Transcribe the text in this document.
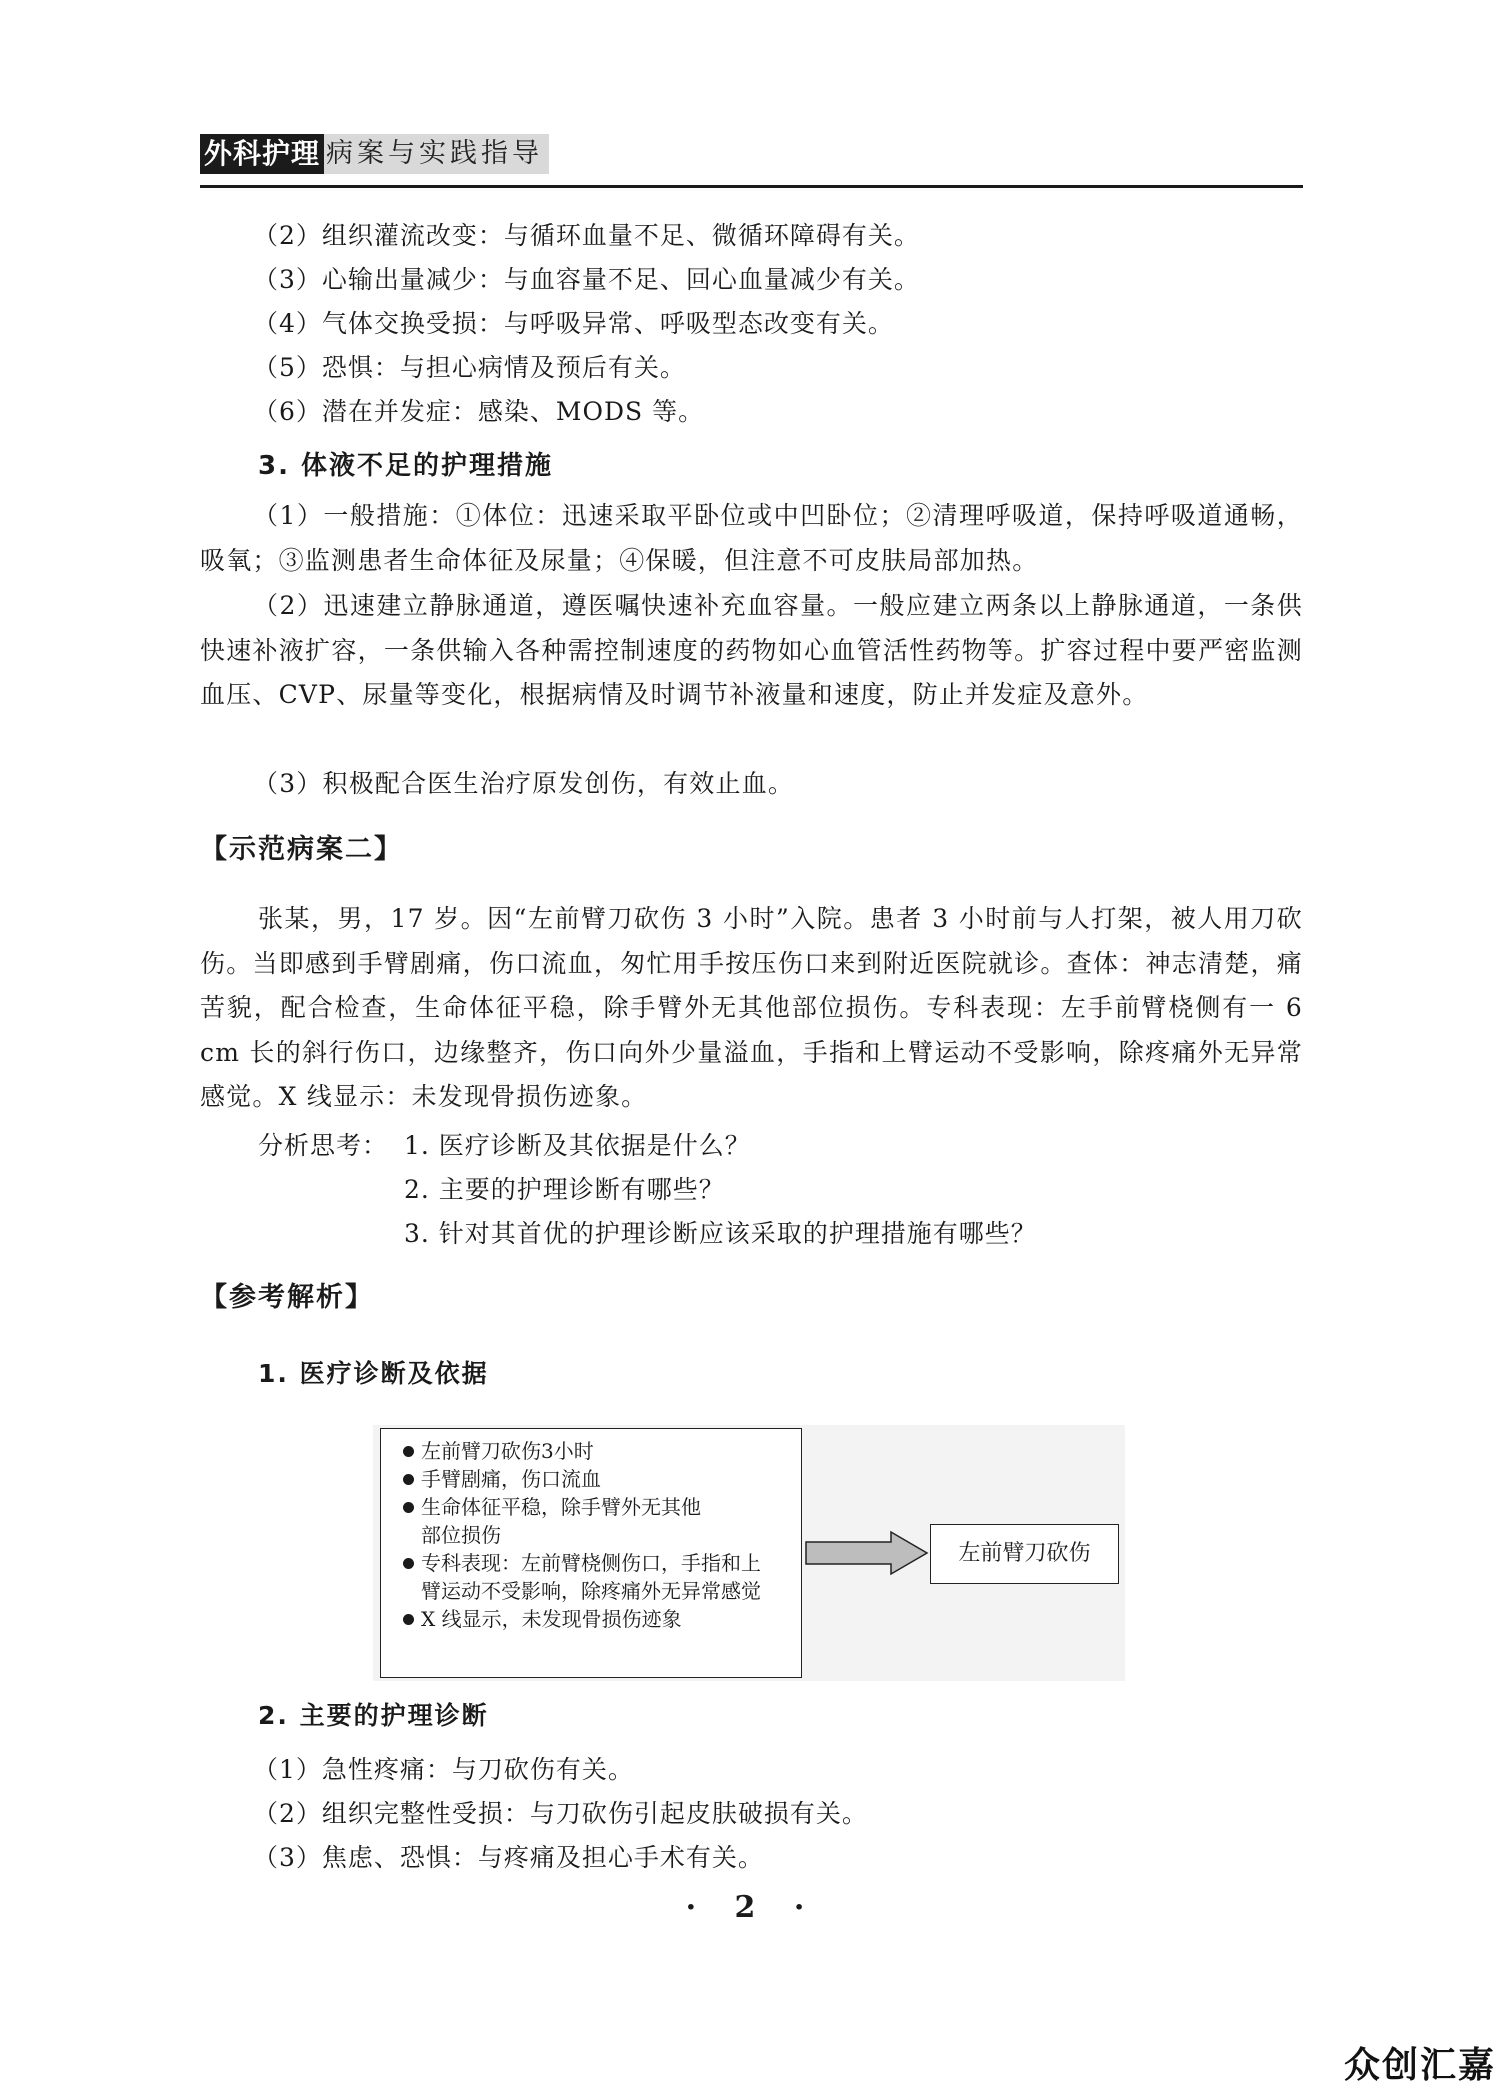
外科护理 病案与实践指导
（2）组织灌流改变：与循环血量不足、微循环障碍有关。
（3）心输出量减少：与血容量不足、回心血量减少有关。
（4）气体交换受损：与呼吸异常、呼吸型态改变有关。
（5）恐惧：与担心病情及预后有关。
（6）潜在并发症：感染、MODS 等。
3. 体液不足的护理措施
（1）一般措施：①体位：迅速采取平卧位或中凹卧位；②清理呼吸道，保持呼吸道通畅，吸氧；③监测患者生命体征及尿量；④保暖，但注意不可皮肤局部加热。
（2）迅速建立静脉通道，遵医嘱快速补充血容量。一般应建立两条以上静脉通道，一条供快速补液扩容，一条供输入各种需控制速度的药物如心血管活性药物等。扩容过程中要严密监测血压、CVP、尿量等变化，根据病情及时调节补液量和速度，防止并发症及意外。
（3）积极配合医生治疗原发创伤，有效止血。
【示范病案二】
张某，男，17 岁。因“左前臂刀砍伤 3 小时”入院。患者 3 小时前与人打架，被人用刀砍伤。当即感到手臂剧痛，伤口流血，匆忙用手按压伤口来到附近医院就诊。查体：神志清楚，痛苦貌，配合检查，生命体征平稳，除手臂外无其他部位损伤。专科表现：左手前臂桡侧有一 6 cm 长的斜行伤口，边缘整齐，伤口向外少量溢血，手指和上臂运动不受影响，除疼痛外无异常感觉。X 线显示：未发现骨损伤迹象。
分析思考： 1. 医疗诊断及其依据是什么？
2. 主要的护理诊断有哪些？
3. 针对其首优的护理诊断应该采取的护理措施有哪些？
【参考解析】
1. 医疗诊断及依据
左前臂刀砍伤3小时
手臂剧痛，伤口流血
生命体征平稳，除手臂外无其他部位损伤
专科表现：左前臂桡侧伤口，手指和上臂运动不受影响，除疼痛外无异常感觉
X 线显示，未发现骨损伤迹象
左前臂刀砍伤
2. 主要的护理诊断
（1）急性疼痛：与刀砍伤有关。
（2）组织完整性受损：与刀砍伤引起皮肤破损有关。
（3）焦虑、恐惧：与疼痛及担心手术有关。
· 2 ·
众创汇嘉
